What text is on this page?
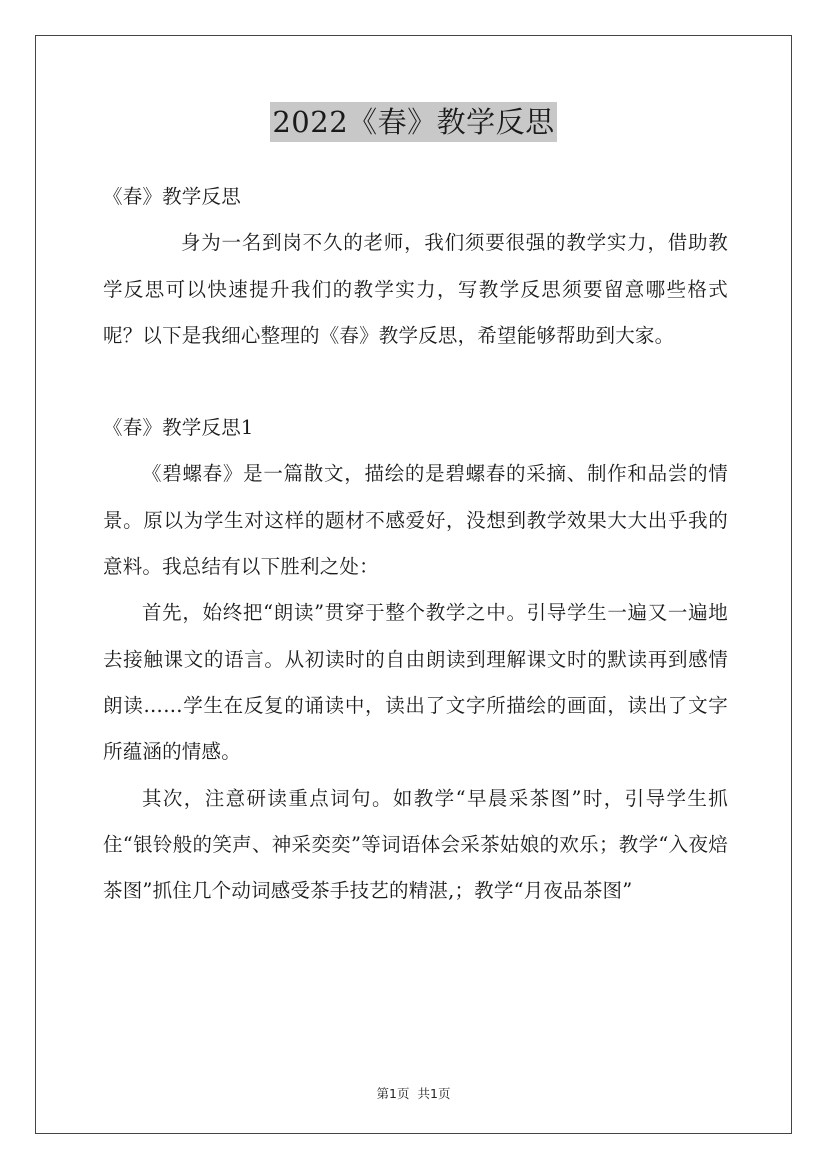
2022《春》教学反思

《春》教学反思

身为一名到岗不久的老师，我们须要很强的教学实力，借助教学反思可以快速提升我们的教学实力，写教学反思须要留意哪些格式呢？以下是我细心整理的《春》教学反思，希望能够帮助到大家。

《春》教学反思1

《碧螺春》是一篇散文，描绘的是碧螺春的采摘、制作和品尝的情景。原以为学生对这样的题材不感爱好，没想到教学效果大大出乎我的意料。我总结有以下胜利之处：

首先，始终把“朗读”贯穿于整个教学之中。引导学生一遍又一遍地去接触课文的语言。从初读时的自由朗读到理解课文时的默读再到感情朗读……学生在反复的诵读中，读出了文字所描绘的画面，读出了文字所蕴涵的情感。

其次，注意研读重点词句。如教学“早晨采茶图”时，引导学生抓住“银铃般的笑声、神采奕奕”等词语体会采茶姑娘的欢乐；教学“入夜焙茶图”抓住几个动词感受茶手技艺的精湛,；教学“月夜品茶图”

第1页 共1页
